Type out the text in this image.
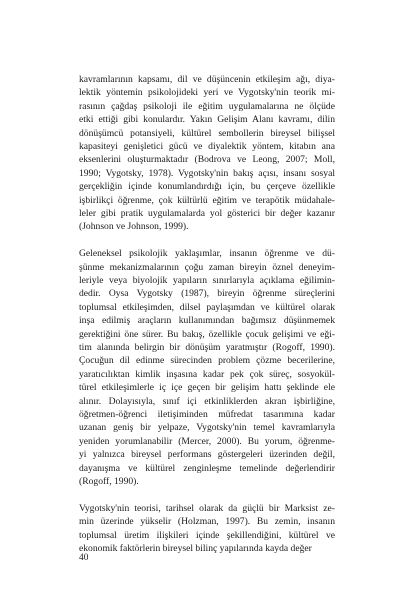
kavramlarının kapsamı, dil ve düşüncenin etkileşim ağı, diya-
lektik yöntemin psikolojideki yeri ve Vygotsky'nin teorik mi-
rasının çağdaş psikoloji ile eğitim uygulamalarına ne ölçüde
etki ettiği gibi konulardır. Yakın Gelişim Alanı kavramı, dilin
dönüşümcü potansiyeli, kültürel sembollerin bireysel bilişsel
kapasiteyi genişletici gücü ve diyalektik yöntem, kitabın ana
eksenlerini oluşturmaktadır (Bodrova ve Leong, 2007; Moll,
1990; Vygotsky, 1978). Vygotsky'nin bakış açısı, insanı sosyal
gerçekliğin içinde konumlandırdığı için, bu çerçeve özellikle
işbirlikçi öğrenme, çok kültürlü eğitim ve terapötik müdahale-
leler gibi pratik uygulamalarda yol gösterici bir değer kazanır
(Johnson ve Johnson, 1999).

Geleneksel psikolojik yaklaşımlar, insanın öğrenme ve dü-
şünme mekanizmalarının çoğu zaman bireyin öznel deneyim-
leriyle veya biyolojik yapıların sınırlarıyla açıklama eğilimin-
dedir. Oysa Vygotsky (1987), bireyin öğrenme süreçlerini
toplumsal etkileşimden, dilsel paylaşımdan ve kültürel olarak
inşa edilmiş araçların kullanımından bağımsız düşünmemek
gerektiğini öne sürer. Bu bakış, özellikle çocuk gelişimi ve eği-
tim alanında belirgin bir dönüşüm yaratmıştır (Rogoff, 1990).
Çocuğun dil edinme sürecinden problem çözme becerilerine,
yaratıcılıktan kimlik inşasına kadar pek çok süreç, sosyokül-
türel etkileşimlerle iç içe geçen bir gelişim hattı şeklinde ele
alınır. Dolayısıyla, sınıf içi etkinliklerden akran işbirliğine,
öğretmen-öğrenci iletişiminden müfredat tasarımına kadar
uzanan geniş bir yelpaze, Vygotsky'nin temel kavramlarıyla
yeniden yorumlanabilir (Mercer, 2000). Bu yorum, öğrenme-
yi yalnızca bireysel performans göstergeleri üzerinden değil,
dayanışma ve kültürel zenginleşme temelinde değerlendirir
(Rogoff, 1990).

Vygotsky'nin teorisi, tarihsel olarak da güçlü bir Marksist ze-
min üzerinde yükselir (Holzman, 1997). Bu zemin, insanın
toplumsal üretim ilişkileri içinde şekillendiğini, kültürel ve
ekonomik faktörlerin bireysel bilinç yapılarında kayda değer

40
